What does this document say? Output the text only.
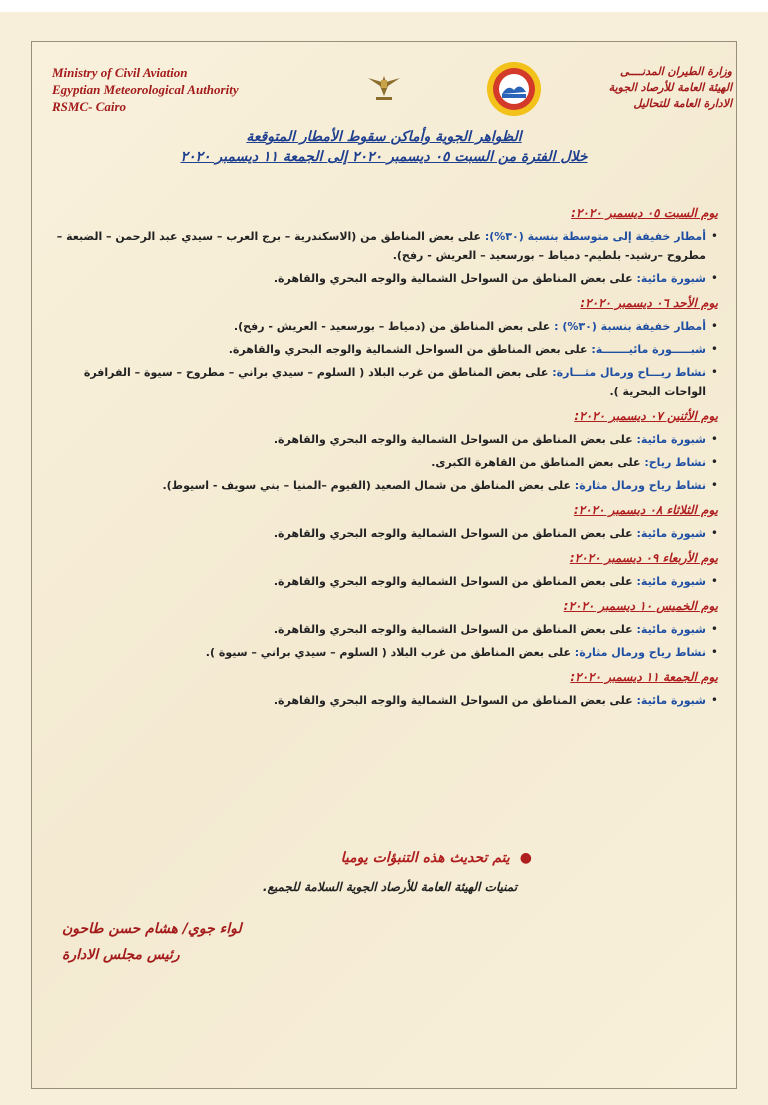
Ministry of Civil Aviation
Egyptian Meteorological Authority
RSMC- Cairo
وزارة الطيران المدنــــى
الهيئة العامة للأرصاد الجوية
الادارة العامة للتحاليل
الظواهر الجوية وأماكن سقوط الأمطار المتوقعة
خلال الفترة من السبت ٠٥ ديسمبر ٢٠٢٠ إلى الجمعة ١١ ديسمبر ٢٠٢٠
يوم السبت ٠٥ ديسمبر ٢٠٢٠:
• أمطار خفيفة إلى متوسطة بنسبة (٣٠%): على بعض المناطق من (الاسكندرية – برج العرب – سيدي عبد الرحمن – الضبعة – مطروح –رشيد- بلطيم- دمياط – بورسعيد – العريش - رفح).
• شبورة مائية: على بعض المناطق من السواحل الشمالية والوجه البحري والقاهرة.
يوم الأحد ٠٦ ديسمبر ٢٠٢٠:
• أمطار خفيفة بنسبة (٣٠%) : على بعض المناطق من (دمياط – بورسعيد - العريش - رفح).
• شبـــــورة مائيـــــــة: على بعض المناطق من السواحل الشمالية والوجه البحري والقاهرة.
• نشاط ريـــاح ورمال مثـــارة: على بعض المناطق من غرب البلاد ( السلوم – سيدي براني – مطروح – سيوة – الفرافرة الواحات البحرية ).
يوم الأثنين ٠٧ ديسمبر ٢٠٢٠:
• شبورة مائية: على بعض المناطق من السواحل الشمالية والوجه البحري والقاهرة.
• نشاط رياح: على بعض المناطق من القاهرة الكبرى.
• نشاط رياح ورمال مثارة: على بعض المناطق من شمال الصعيد (الفيوم –المنيا – بني سويف - اسيوط).
يوم الثلاثاء ٠٨ ديسمبر ٢٠٢٠:
• شبورة مائية: على بعض المناطق من السواحل الشمالية والوجه البحري والقاهرة.
يوم الأربعاء ٠٩ ديسمبر ٢٠٢٠:
• شبورة مائية: على بعض المناطق من السواحل الشمالية والوجه البحري والقاهرة.
يوم الخميس ١٠ ديسمبر ٢٠٢٠:
• شبورة مائية: على بعض المناطق من السواحل الشمالية والوجه البحري والقاهرة.
• نشاط رياح ورمال مثارة: على بعض المناطق من غرب البلاد ( السلوم – سيدي براني – سيوة ).
يوم الجمعة ١١ ديسمبر ٢٠٢٠:
• شبورة مائية: على بعض المناطق من السواحل الشمالية والوجه البحري والقاهرة.
●يتم تحديث هذه التنبؤات يوميا
تمنيات الهيئة العامة للأرصاد الجوية السلامة للجميع.
لواء جوي/ هشام حسن طاحون
رئيس مجلس الادارة
